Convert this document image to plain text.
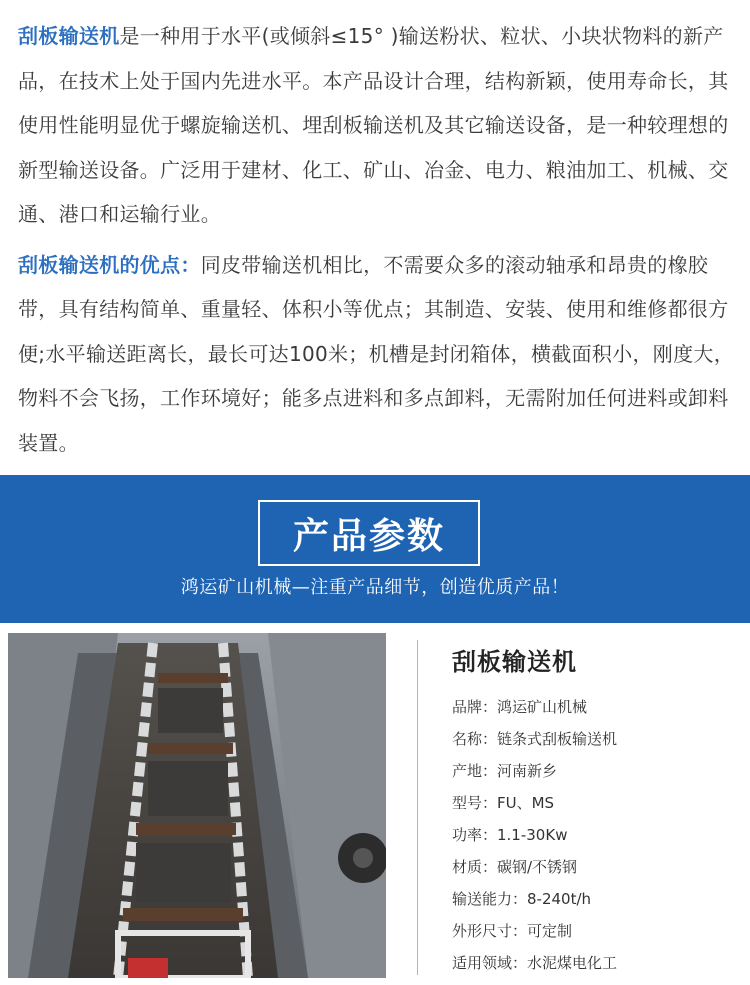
刮板输送机是一种用于水平(或倾斜≤15° )输送粉状、粒状、小块状物料的新产品，在技术上处于国内先进水平。本产品设计合理，结构新颖，使用寿命长，其使用性能明显优于螺旋输送机、埋刮板输送机及其它输送设备，是一种较理想的新型输送设备。广泛用于建材、化工、矿山、冶金、电力、粮油加工、机械、交通、港口和运输行业。

刮板输送机的优点：同皮带输送机相比，不需要众多的滚动轴承和昂贵的橡胶带，具有结构简单、重量轻、体积小等优点；其制造、安装、使用和维修都很方便;水平输送距离长，最长可达100米；机槽是封闭箱体，横截面积小，刚度大，物料不会飞扬，工作环境好；能多点进料和多点卸料，无需附加任何进料或卸料装置。

产品参数
鸿运矿山机械—注重产品细节，创造优质产品！
刮板输送机
品牌：鸿运矿山机械
名称：链条式刮板输送机
产地：河南新乡
型号：FU、MS
功率：1.1-30Kw
材质：碳钢/不锈钢
输送能力：8-240t/h
外形尺寸：可定制
适用领域：水泥煤电化工
